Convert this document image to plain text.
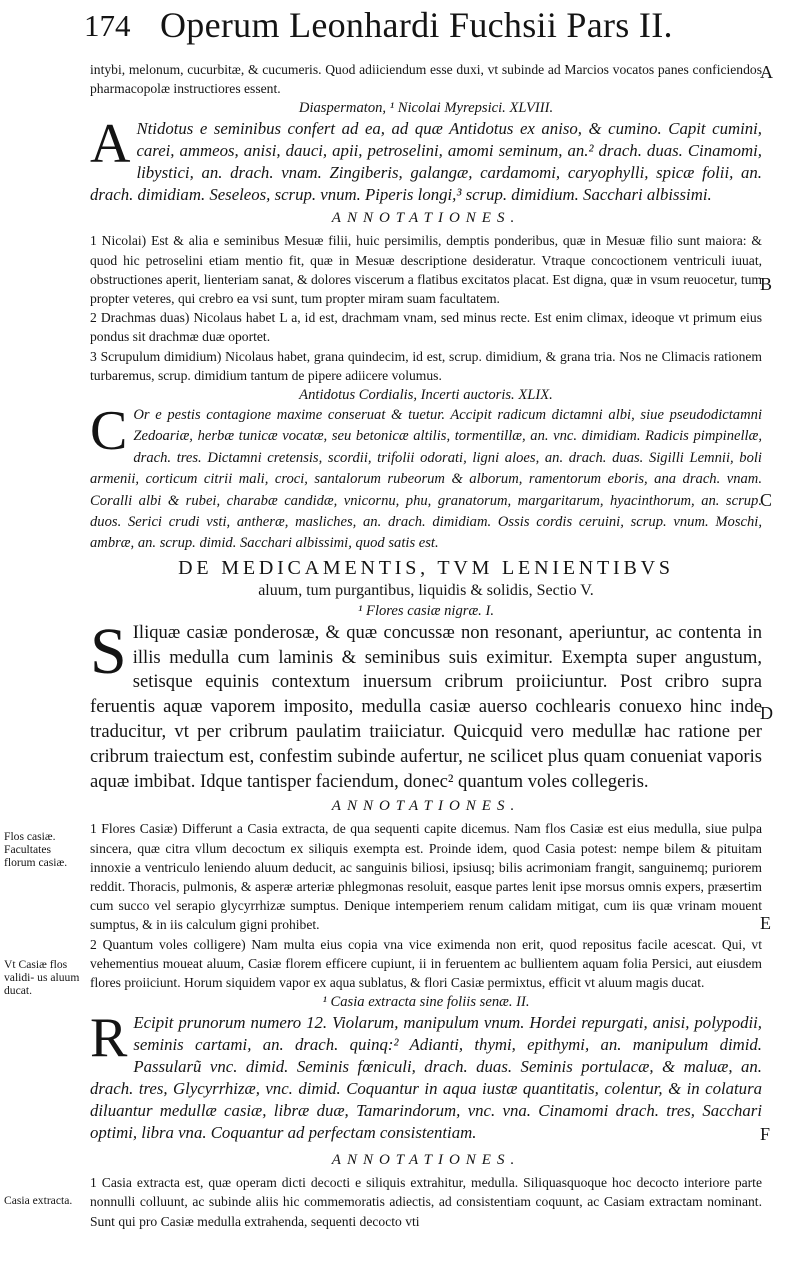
174 Operum Leonhardi Fuchsii Pars II.
Flos casiæ. Facultates florum casiæ.
Vt Casiæ flos validi- us aluum ducat.
Casia extracta.
A
B
C
D
E
F

intybi, melonum, cucurbitæ, & cucumeris. Quod adiiciendum esse duxi, vt subinde ad Marcios vocatos panes conficiendos pharmacopolæ instructiores essent.

Diaspermaton, ¹ Nicolai Myrepsici. XLVIII.

A Ntidotus e seminibus confert ad ea, ad quæ Antidotus ex aniso, & cumino. Capit cumini, carei, ammeos, anisi, dauci, apii, petroselini, amomi seminum, an.² drach. duas. Cinamomi, libystici, an. drach. vnam. Zingiberis, galangæ, cardamomi, caryophylli, spicæ folii, an. drach. dimidiam. Seseleos, scrup. vnum. Piperis longi,³ scrup. dimidium. Sacchari albissimi.

ANNOTATIONES.

1 Nicolai) Est & alia e seminibus Mesuæ filii, huic persimilis, demptis ponderibus, quæ in Mesuæ filio sunt maiora: & quod hic petroselini etiam mentio fit, quæ in Mesuæ descriptione desideratur. Vtraque concoctionem ventriculi iuuat, obstructiones aperit, lienteriam sanat, & dolores viscerum a flatibus excitatos placat. Est digna, quæ in vsum reuocetur, tum propter veteres, qui crebro ea vsi sunt, tum propter miram suam facultatem.

2 Drachmas duas) Nicolaus habet L a, id est, drachmam vnam, sed minus recte. Est enim climax, ideoque vt primum eius pondus sit drachmæ duæ oportet.

3 Scrupulum dimidium) Nicolaus habet, grana quindecim, id est, scrup. dimidium, & grana tria. Nos ne Climacis rationem turbaremus, scrup. dimidium tantum de pipere adiicere volumus.

Antidotus Cordialis, Incerti auctoris. XLIX.

C Or e pestis contagione maxime conseruat & tuetur. Accipit radicum dictamni albi, siue pseudodictamni Zedoariæ, herbæ tunicæ vocatæ, seu betonicæ altilis, tormentillæ, an. vnc. dimidiam. Radicis pimpinellæ, drach. tres. Dictamni cretensis, scordii, trifolii odorati, ligni aloes, an. drach. duas. Sigilli Lemnii, boli armenii, corticum citrii mali, croci, santalorum rubeorum & alborum, ramentorum eboris, ana drach. vnam. Coralli albi & rubei, charabæ candidæ, vnicornu, phu, granatorum, margaritarum, hyacinthorum, an. scrup. duos. Serici crudi vsti, antheræ, masliches, an. drach. dimidiam. Ossis cordis ceruini, scrup. vnum. Moschi, ambræ, an. scrup. dimid. Sacchari albissimi, quod satis est.

DE MEDICAMENTIS, TVM LENIENTIBVS

aluum, tum purgantibus, liquidis & solidis, Sectio V.

¹ Flores casiæ nigræ. I.

S Iliquæ casiæ ponderosæ, & quæ concussæ non resonant, aperiuntur, ac contenta in illis medulla cum laminis & seminibus suis eximitur. Exempta super angustum, setisque equinis contextum inuersum cribrum proiiciuntur. Post cribro supra feruentis aquæ vaporem imposito, medulla casiæ auerso cochlearis conuexo hinc inde traducitur, vt per cribrum paulatim traiiciatur. Quicquid vero medullæ hac ratione per cribrum traiectum est, confestim subinde aufertur, ne scilicet plus quam conueniat vaporis aquæ imbibat. Idque tantisper faciendum, donec² quantum voles collegeris.

ANNOTATIONES.

1 Flores Casiæ) Differunt a Casia extracta, de qua sequenti capite dicemus. Nam flos Casiæ est eius medulla, siue pulpa sincera, quæ citra vllum decoctum ex siliquis exempta est. Proinde idem, quod Casia potest: nempe bilem & pituitam innoxie a ventriculo leniendo aluum deducit, ac sanguinis biliosi, ipsiusq; bilis acrimoniam frangit, sanguinemq; puriorem reddit. Thoracis, pulmonis, & asperæ arteriæ phlegmonas resoluit, easque partes lenit ipse morsus omnis expers, præsertim cum succo vel serapio glycyrrhizæ sumptus. Denique intemperiem renum calidam mitigat, cum iis quæ vrinam mouent sumptus, & in iis calculum gigni prohibet.

2 Quantum voles colligere) Nam multa eius copia vna vice eximenda non erit, quod repositus facile acescat. Qui, vt vehementius moueat aluum, Casiæ florem efficere cupiunt, ii in feruentem ac bullientem aquam folia Persici, aut eiusdem flores proiiciunt. Horum siquidem vapor ex aqua sublatus, & flori Casiæ permixtus, efficit vt aluum magis ducat.

¹ Casia extracta sine foliis senæ. II.

R Ecipit prunorum numero 12. Violarum, manipulum vnum. Hordei repurgati, anisi, polypodii, seminis cartami, an. drach. quinq:² Adianti, thymi, epithymi, an. manipulum dimid. Passularũ vnc. dimid. Seminis fœniculi, drach. duas. Seminis portulacæ, & maluæ, an. drach. tres, Glycyrrhizæ, vnc. dimid. Coquantur in aqua iustæ quantitatis, colentur, & in colatura diluantur medullæ casiæ, libræ duæ, Tamarindorum, vnc. vna. Cinamomi drach. tres, Sacchari optimi, libra vna. Coquantur ad perfectam consistentiam.

ANNOTATIONES.

1 Casia extracta est, quæ operam dicti decocti e siliquis extrahitur, medulla. Siliquasquoque hoc decocto interiore parte nonnulli colluunt, ac subinde aliis hic commemoratis adiectis, ad consistentiam coquunt, ac Casiam extractam nominant. Sunt qui pro Casiæ medulla extrahenda, sequenti decocto vti
